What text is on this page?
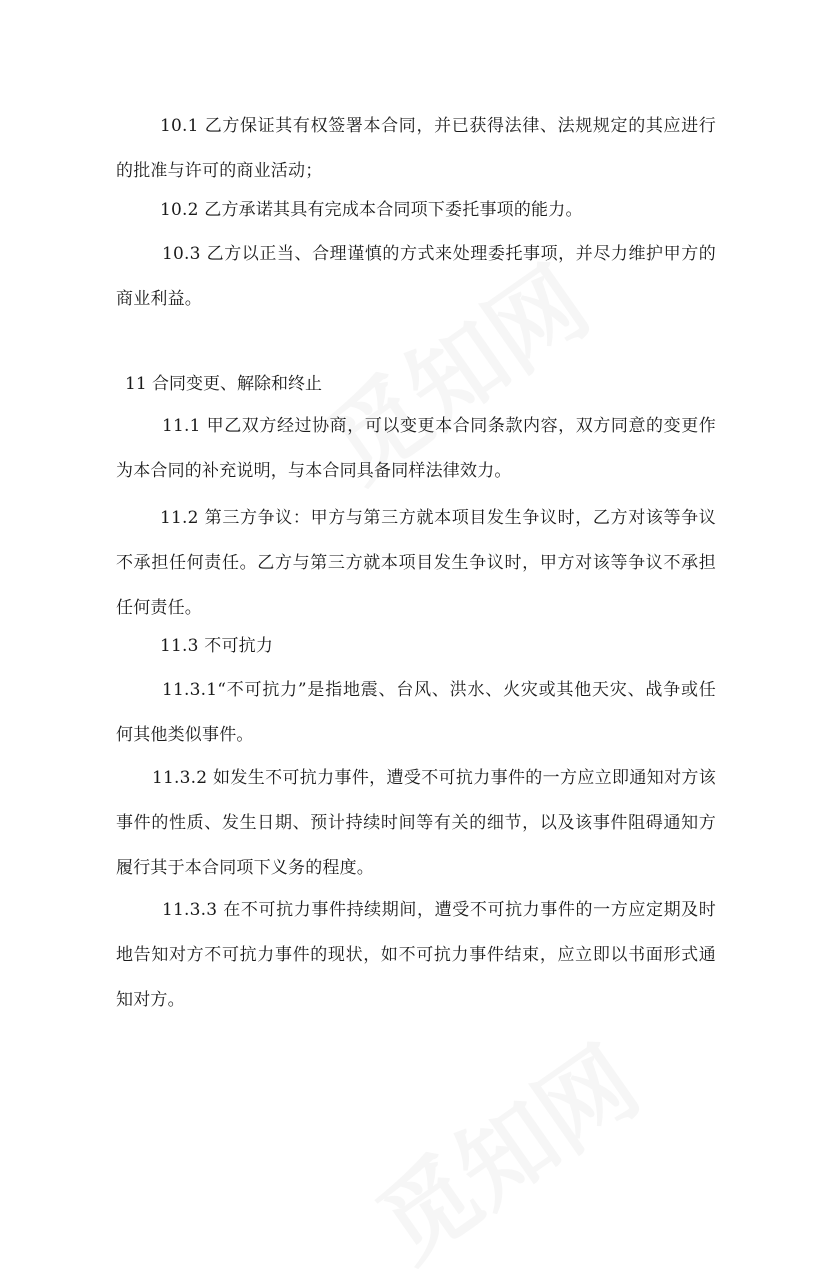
10.1 乙方保证其有权签署本合同，并已获得法律、法规规定的其应进行的批准与许可的商业活动；
10.2 乙方承诺其具有完成本合同项下委托事项的能力。
10.3 乙方以正当、合理谨慎的方式来处理委托事项，并尽力维护甲方的商业利益。
11 合同变更、解除和终止
11.1 甲乙双方经过协商，可以变更本合同条款内容，双方同意的变更作为本合同的补充说明，与本合同具备同样法律效力。
11.2 第三方争议：甲方与第三方就本项目发生争议时，乙方对该等争议不承担任何责任。乙方与第三方就本项目发生争议时，甲方对该等争议不承担任何责任。
11.3 不可抗力
11.3.1“不可抗力”是指地震、台风、洪水、火灾或其他天灾、战争或任何其他类似事件。
11.3.2 如发生不可抗力事件，遭受不可抗力事件的一方应立即通知对方该事件的性质、发生日期、预计持续时间等有关的细节，以及该事件阻碍通知方履行其于本合同项下义务的程度。
11.3.3 在不可抗力事件持续期间，遭受不可抗力事件的一方应定期及时地告知对方不可抗力事件的现状，如不可抗力事件结束，应立即以书面形式通知对方。
